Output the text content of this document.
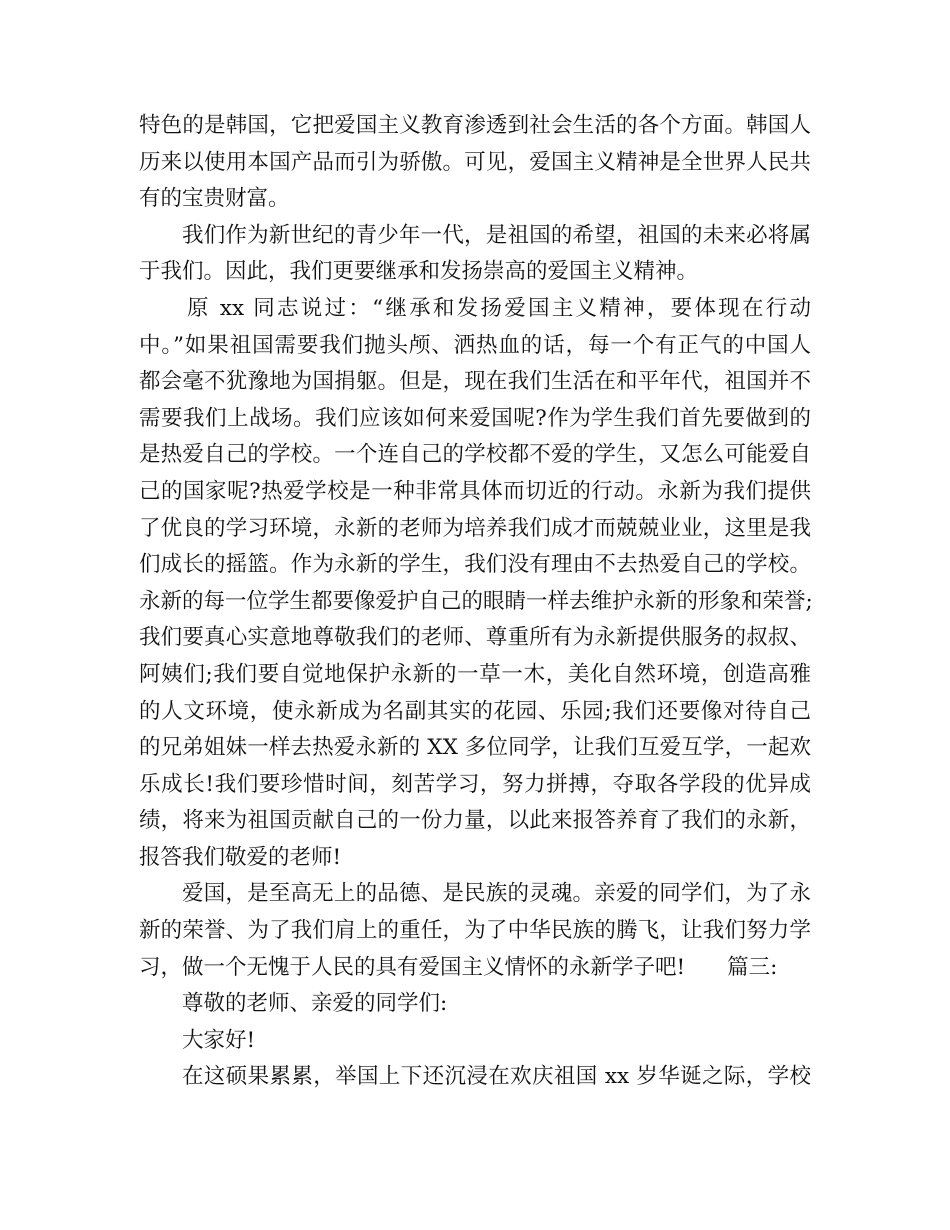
特色的是韩国，它把爱国主义教育渗透到社会生活的各个方面。韩国人
历来以使用本国产品而引为骄傲。可见，爱国主义精神是全世界人民共
有的宝贵财富。
我们作为新世纪的青少年一代，是祖国的希望，祖国的未来必将属
于我们。因此，我们更要继承和发扬崇高的爱国主义精神。
原 xx 同志说过：“继承和发扬爱国主义精神，要体现在行动
中。”如果祖国需要我们抛头颅、洒热血的话，每一个有正气的中国人
都会毫不犹豫地为国捐躯。但是，现在我们生活在和平年代，祖国并不
需要我们上战场。我们应该如何来爱国呢?作为学生我们首先要做到的
是热爱自己的学校。一个连自己的学校都不爱的学生，又怎么可能爱自
己的国家呢?热爱学校是一种非常具体而切近的行动。永新为我们提供
了优良的学习环境，永新的老师为培养我们成才而兢兢业业，这里是我
们成长的摇篮。作为永新的学生，我们没有理由不去热爱自己的学校。
永新的每一位学生都要像爱护自己的眼睛一样去维护永新的形象和荣誉;
我们要真心实意地尊敬我们的老师、尊重所有为永新提供服务的叔叔、
阿姨们;我们要自觉地保护永新的一草一木，美化自然环境，创造高雅
的人文环境，使永新成为名副其实的花园、乐园;我们还要像对待自己
的兄弟姐妹一样去热爱永新的 XX 多位同学，让我们互爱互学，一起欢
乐成长!我们要珍惜时间，刻苦学习，努力拼搏，夺取各学段的优异成
绩，将来为祖国贡献自己的一份力量，以此来报答养育了我们的永新，
报答我们敬爱的老师!
爱国，是至高无上的品德、是民族的灵魂。亲爱的同学们，为了永
新的荣誉、为了我们肩上的重任，为了中华民族的腾飞，让我们努力学
习，做一个无愧于人民的具有爱国主义情怀的永新学子吧! 篇三:
尊敬的老师、亲爱的同学们:
大家好!
在这硕果累累，举国上下还沉浸在欢庆祖国 xx 岁华诞之际，学校
